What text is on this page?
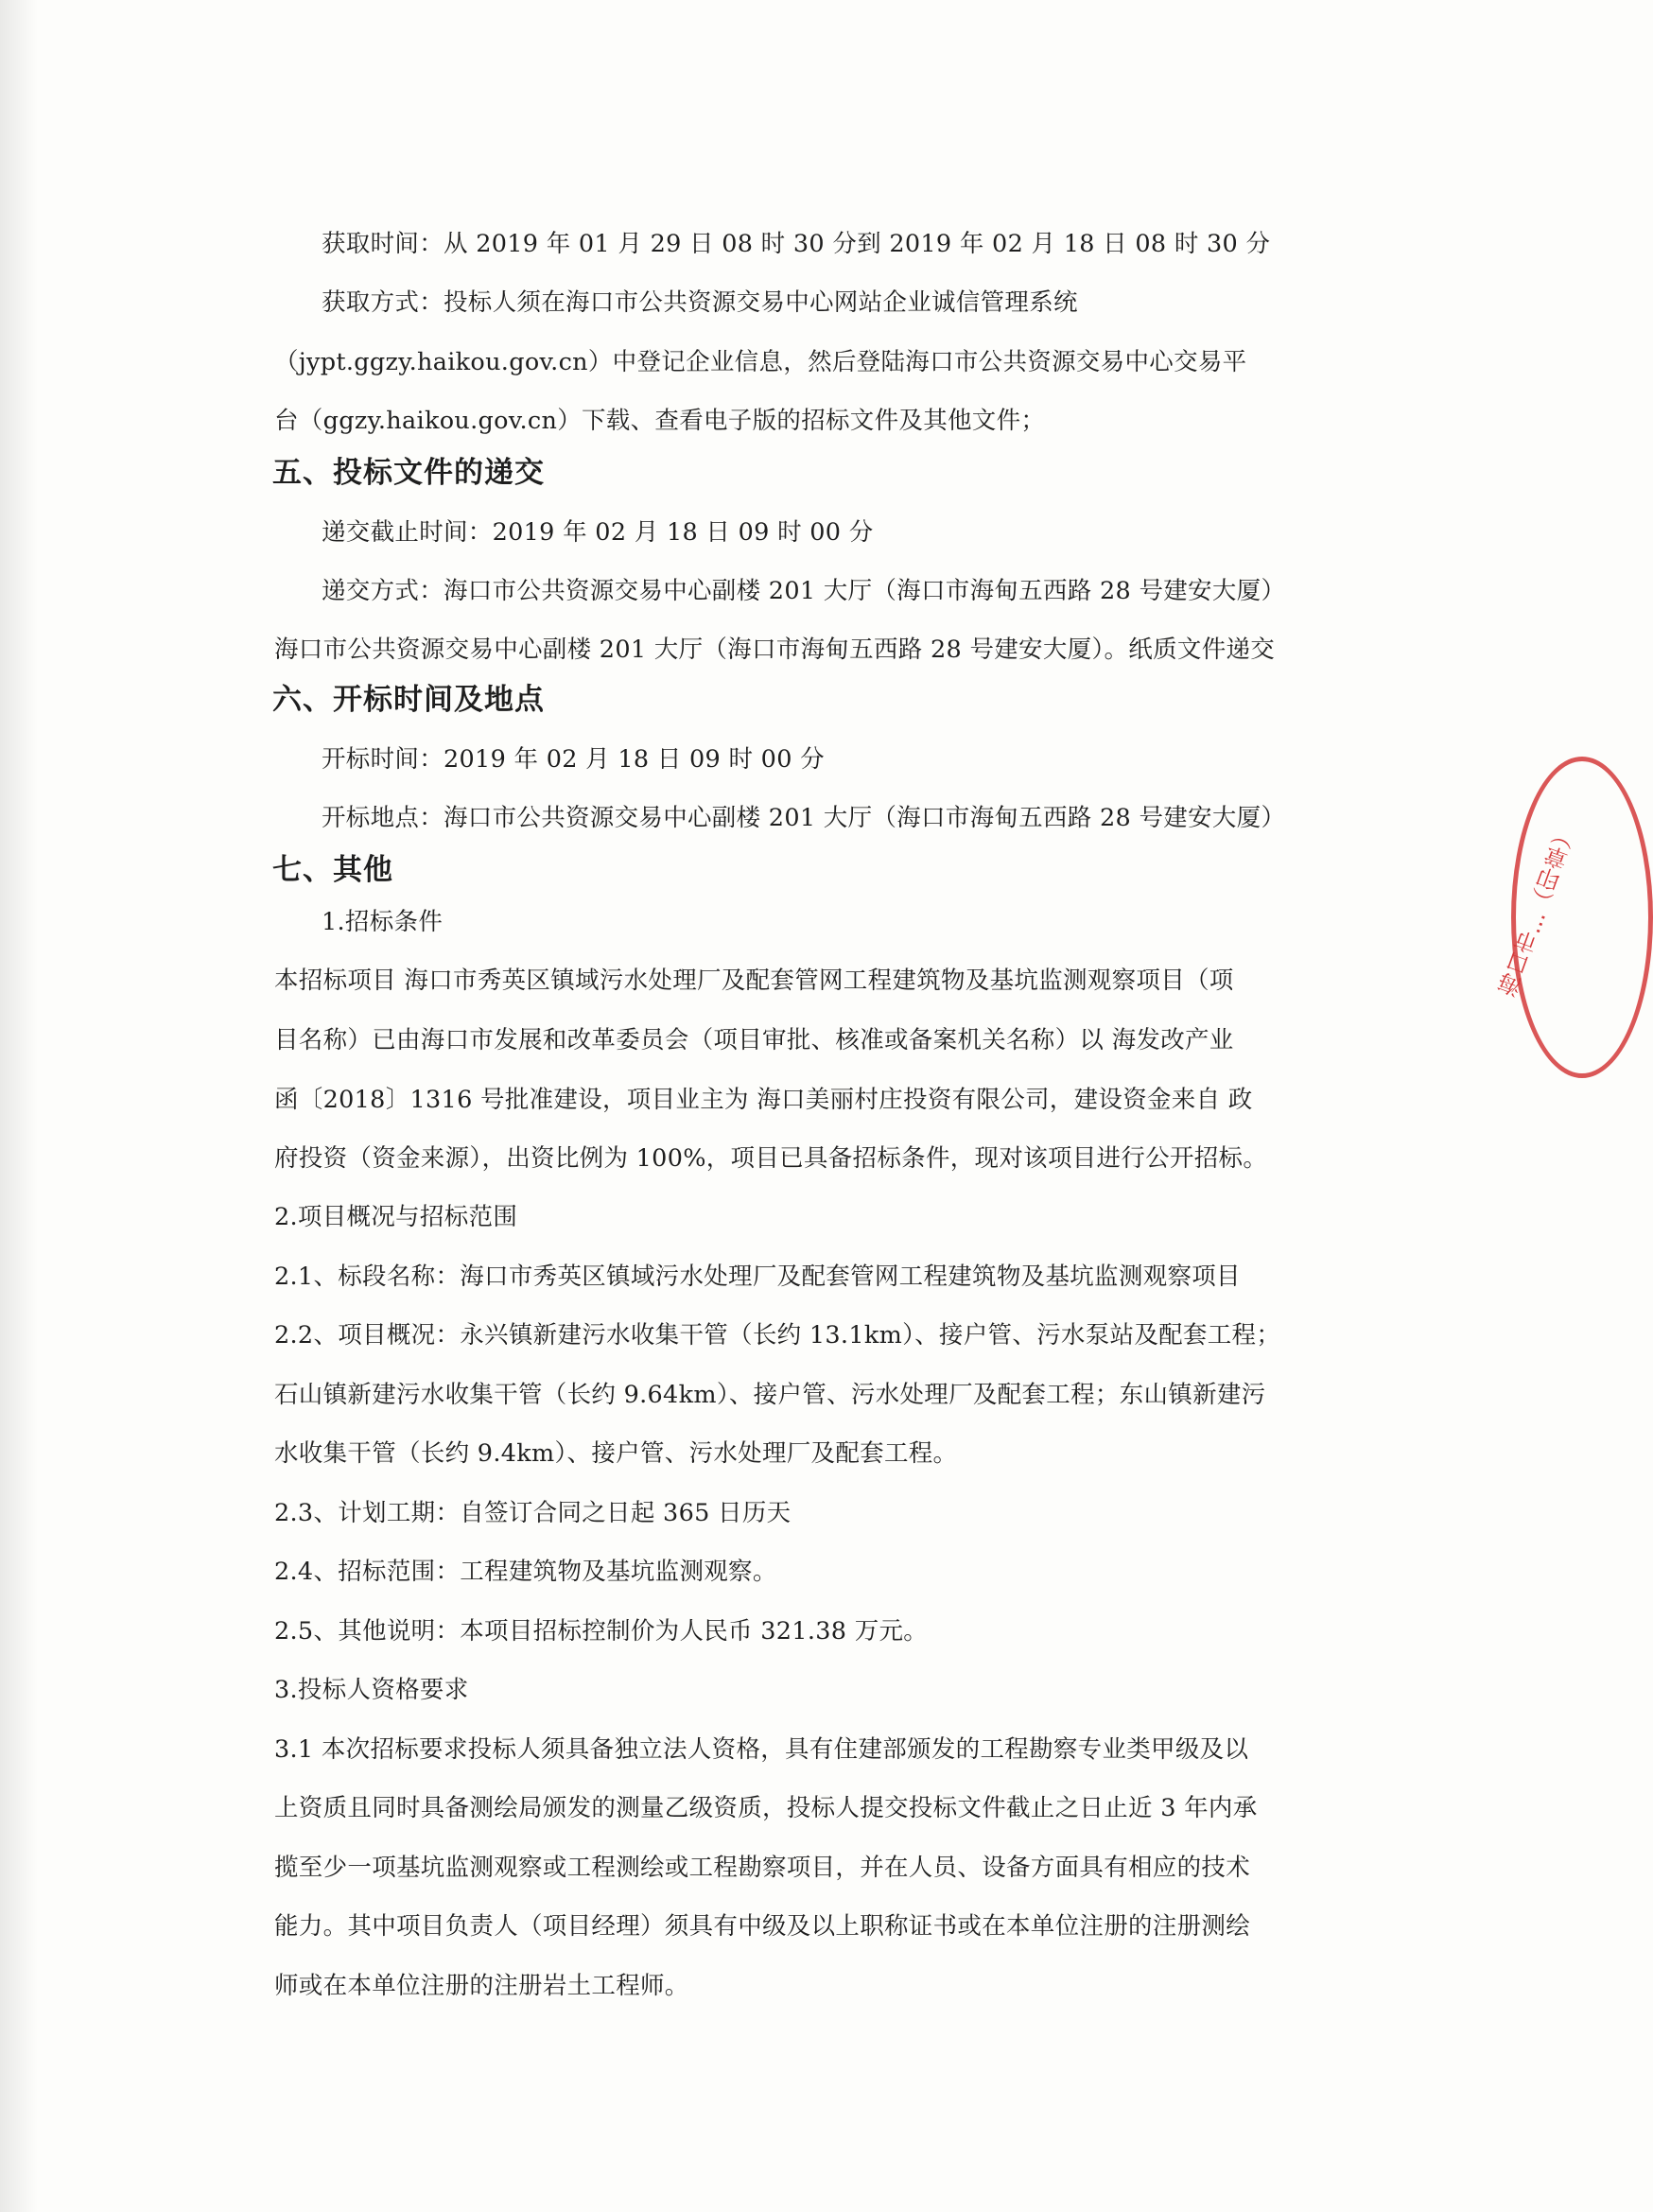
获取时间：从 2019 年 01 月 29 日 08 时 30 分到 2019 年 02 月 18 日 08 时 30 分
获取方式：投标人须在海口市公共资源交易中心网站企业诚信管理系统
（jypt.ggzy.haikou.gov.cn）中登记企业信息，然后登陆海口市公共资源交易中心交易平
台（ggzy.haikou.gov.cn）下载、查看电子版的招标文件及其他文件；
五、投标文件的递交
递交截止时间：2019 年 02 月 18 日 09 时 00 分
递交方式：海口市公共资源交易中心副楼 201 大厅（海口市海甸五西路 28 号建安大厦）
海口市公共资源交易中心副楼 201 大厅（海口市海甸五西路 28 号建安大厦）。纸质文件递交
六、开标时间及地点
开标时间：2019 年 02 月 18 日 09 时 00 分
开标地点：海口市公共资源交易中心副楼 201 大厅（海口市海甸五西路 28 号建安大厦）
七、其他
1.招标条件
本招标项目 海口市秀英区镇域污水处理厂及配套管网工程建筑物及基坑监测观察项目（项
目名称）已由海口市发展和改革委员会（项目审批、核准或备案机关名称）以 海发改产业
函〔2018〕1316 号批准建设，项目业主为 海口美丽村庄投资有限公司，建设资金来自 政
府投资（资金来源），出资比例为 100%，项目已具备招标条件，现对该项目进行公开招标。
2.项目概况与招标范围
2.1、标段名称：海口市秀英区镇域污水处理厂及配套管网工程建筑物及基坑监测观察项目
2.2、项目概况：永兴镇新建污水收集干管（长约 13.1km）、接户管、污水泵站及配套工程；
石山镇新建污水收集干管（长约 9.64km）、接户管、污水处理厂及配套工程；东山镇新建污
水收集干管（长约 9.4km）、接户管、污水处理厂及配套工程。
2.3、计划工期：自签订合同之日起 365 日历天
2.4、招标范围：工程建筑物及基坑监测观察。
2.5、其他说明：本项目招标控制价为人民币 321.38 万元。
3.投标人资格要求
3.1 本次招标要求投标人须具备独立法人资格，具有住建部颁发的工程勘察专业类甲级及以
上资质且同时具备测绘局颁发的测量乙级资质，投标人提交投标文件截止之日止近 3 年内承
揽至少一项基坑监测观察或工程测绘或工程勘察项目，并在人员、设备方面具有相应的技术
能力。其中项目负责人（项目经理）须具有中级及以上职称证书或在本单位注册的注册测绘
师或在本单位注册的注册岩土工程师。
海口市...（印章）
